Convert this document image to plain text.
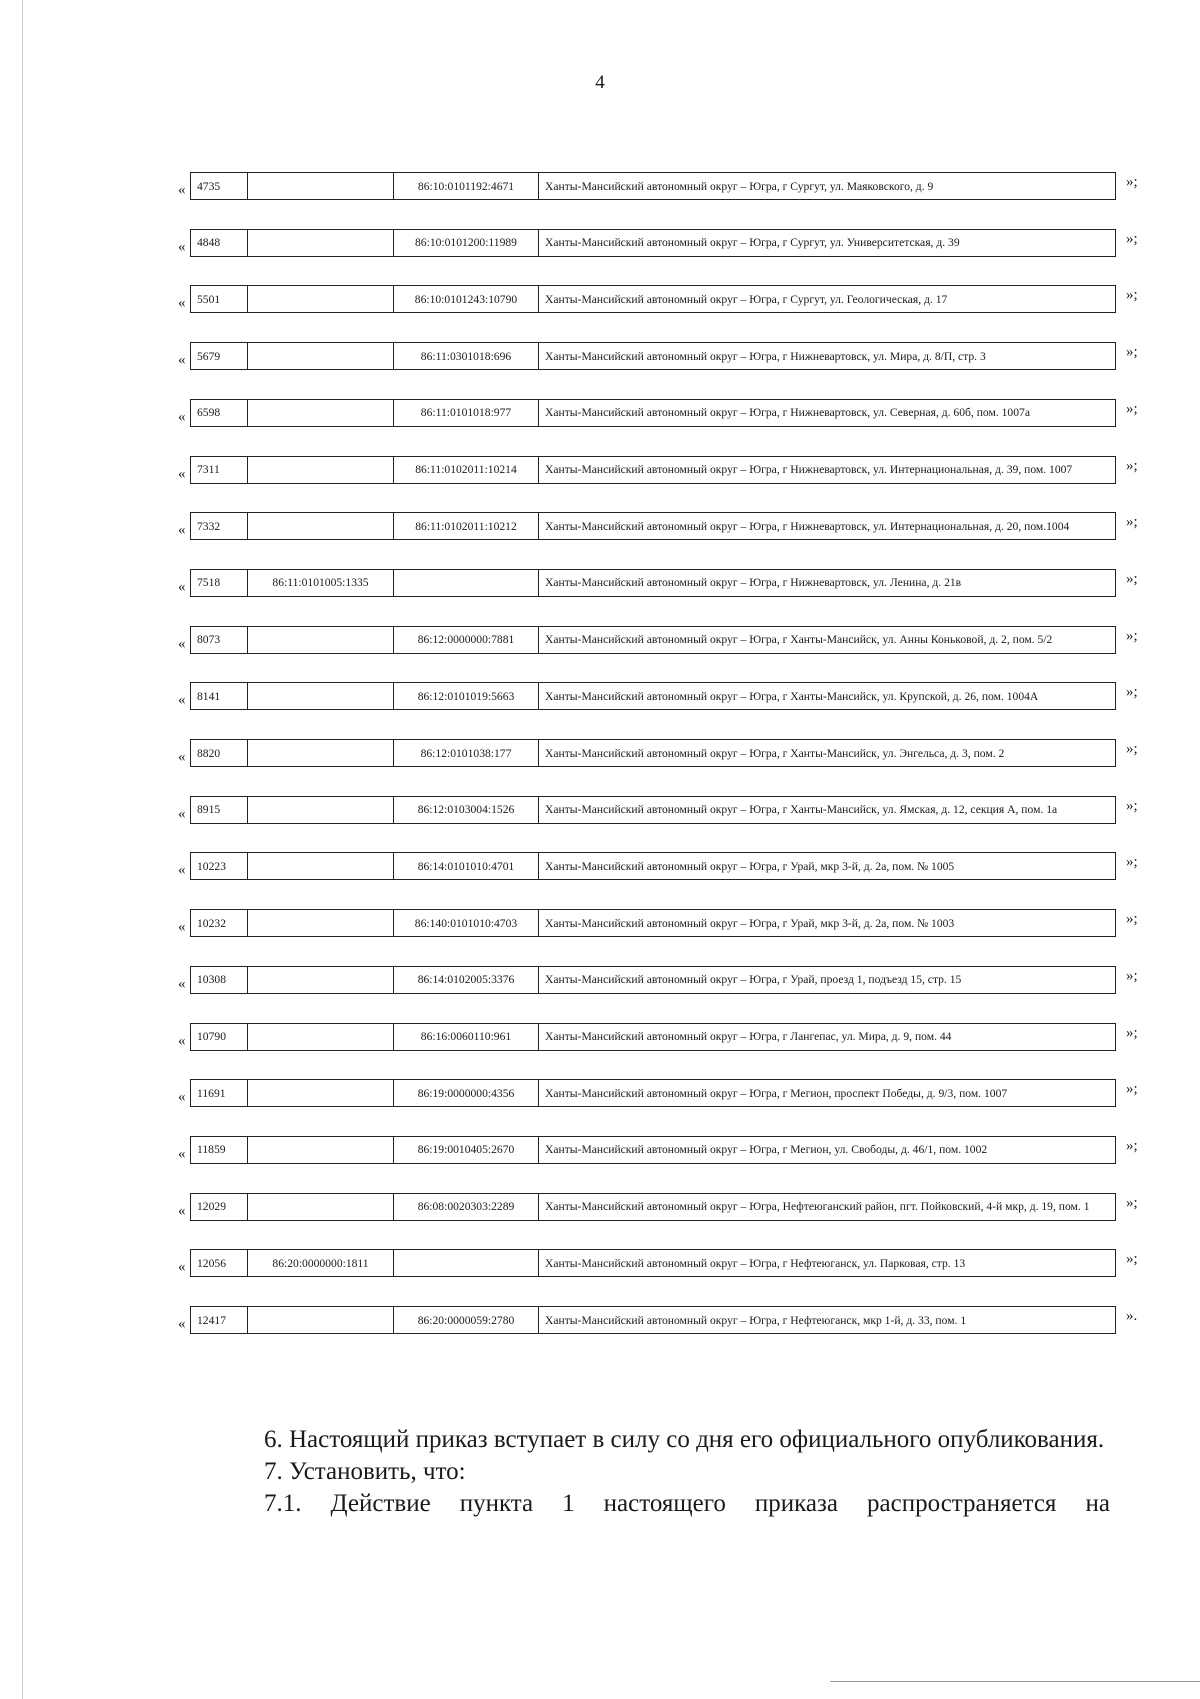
4
« 4735		86:10:0101192:4671	Ханты-Мансийский автономный округ – Югра, г Сургут, ул. Маяковского, д. 9	»;
« 4848		86:10:0101200:11989	Ханты-Мансийский автономный округ – Югра, г Сургут, ул. Университетская, д. 39	»;
« 5501		86:10:0101243:10790	Ханты-Мансийский автономный округ – Югра, г Сургут, ул. Геологическая, д. 17	»;
« 5679		86:11:0301018:696	Ханты-Мансийский автономный округ – Югра, г Нижневартовск, ул. Мира, д. 8/П, стр. 3	»;
« 6598		86:11:0101018:977	Ханты-Мансийский автономный округ – Югра, г Нижневартовск, ул. Северная, д. 60б, пом. 1007а	»;
« 7311		86:11:0102011:10214	Ханты-Мансийский автономный округ – Югра, г Нижневартовск, ул. Интернациональная, д. 39, пом. 1007	»;
« 7332		86:11:0102011:10212	Ханты-Мансийский автономный округ – Югра, г Нижневартовск, ул. Интернациональная, д. 20, пом.1004	»;
« 7518	86:11:0101005:1335		Ханты-Мансийский автономный округ – Югра, г Нижневартовск, ул. Ленина, д. 21в	»;
« 8073		86:12:0000000:7881	Ханты-Мансийский автономный округ – Югра, г Ханты-Мансийск, ул. Анны Коньковой, д. 2, пом. 5/2	»;
« 8141		86:12:0101019:5663	Ханты-Мансийский автономный округ – Югра, г Ханты-Мансийск, ул. Крупской, д. 26, пом. 1004А	»;
« 8820		86:12:0101038:177	Ханты-Мансийский автономный округ – Югра, г Ханты-Мансийск, ул. Энгельса, д. 3, пом. 2	»;
« 8915		86:12:0103004:1526	Ханты-Мансийский автономный округ – Югра, г Ханты-Мансийск, ул. Ямская, д. 12, секция А, пом. 1а	»;
« 10223		86:14:0101010:4701	Ханты-Мансийский автономный округ – Югра, г Урай, мкр 3-й, д. 2а, пом. № 1005	»;
« 10232		86:140:0101010:4703	Ханты-Мансийский автономный округ – Югра, г Урай, мкр 3-й, д. 2а, пом. № 1003	»;
« 10308		86:14:0102005:3376	Ханты-Мансийский автономный округ – Югра, г Урай, проезд 1, подъезд 15, стр. 15	»;
« 10790		86:16:0060110:961	Ханты-Мансийский автономный округ – Югра, г Лангепас, ул. Мира, д. 9, пом. 44	»;
« 11691		86:19:0000000:4356	Ханты-Мансийский автономный округ – Югра, г Мегион, проспект Победы, д. 9/3, пом. 1007	»;
« 11859		86:19:0010405:2670	Ханты-Мансийский автономный округ – Югра, г Мегион, ул. Свободы, д. 46/1, пом. 1002	»;
« 12029		86:08:0020303:2289	Ханты-Мансийский автономный округ – Югра, Нефтеюганский район, пгт. Пойковский, 4-й мкр, д. 19, пом. 1 »;
« 12056	86:20:0000000:1811		Ханты-Мансийский автономный округ – Югра, г Нефтеюганск, ул. Парковая, стр. 13	»;
« 12417		86:20:0000059:2780	Ханты-Мансийский автономный округ – Югра, г Нефтеюганск, мкр 1-й, д. 33, пом. 1	».

6. Настоящий приказ вступает в силу со дня его официального опубликования.

7. Установить, что:

7.1. Действие пункта 1 настоящего приказа распространяется на
